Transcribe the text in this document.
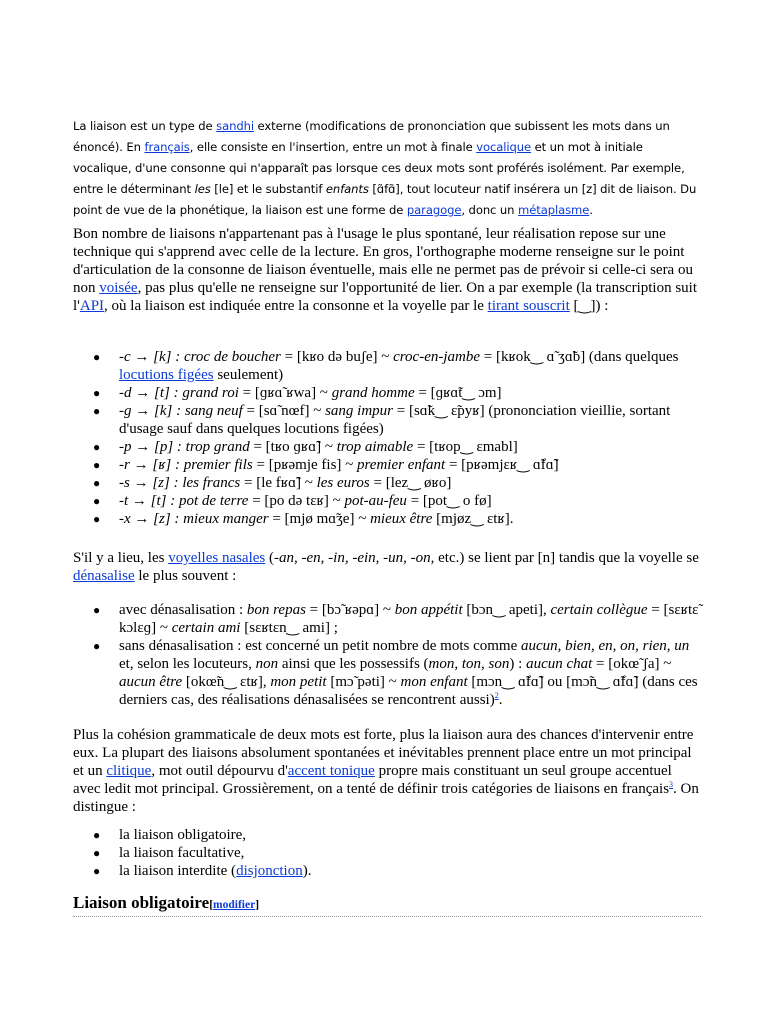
La liaison est un type de sandhi externe (modifications de prononciation que subissent les mots dans un énoncé). En français, elle consiste en l'insertion, entre un mot à finale vocalique et un mot à initiale vocalique, d'une consonne qui n'apparaît pas lorsque ces deux mots sont proférés isolément. Par exemple, entre le déterminant les [le] et le substantif enfants [ɑ̃fɑ̃], tout locuteur natif insérera un [z] dit de liaison. Du point de vue de la phonétique, la liaison est une forme de paragoge, donc un métaplasme.

Bon nombre de liaisons n'appartenant pas à l'usage le plus spontané, leur réalisation repose sur une technique qui s'apprend avec celle de la lecture. En gros, l'orthographe moderne renseigne sur le point d'articulation de la consonne de liaison éventuelle, mais elle ne permet pas de prévoir si celle-ci sera ou non voisée, pas plus qu'elle ne renseigne sur l'opportunité de lier. On a par exemple (la transcription suit l'API, où la liaison est indiquée entre la consonne et la voyelle par le tirant souscrit [‿]) :

● -c → [k] : croc de boucher = [kʁo də buʃe] ~ croc-en-jambe = [kʁok‿ ɑ̃ ʒɑ̃b] (dans quelques locutions figées seulement)
● -d → [t] : grand roi = [ɡʁɑ̃ ʁwa] ~ grand homme = [ɡʁɑ̃t‿ ɔm]
● -g → [k] : sang neuf = [sɑ̃ nœf] ~ sang impur = [sɑ̃k‿ ɛ̃pyʁ] (prononciation vieillie, sortant d'usage sauf dans quelques locutions figées)
● -p → [p] : trop grand = [tʁo ɡʁɑ̃] ~ trop aimable = [tʁop‿ ɛmabl]
● -r → [ʁ] : premier fils = [pʁəmje fis] ~ premier enfant = [pʁəmjɛʁ‿ ɑ̃fɑ̃]
● -s → [z] : les francs = [le fʁɑ̃] ~ les euros = [lez‿ øʁo]
● -t → [t] : pot de terre = [po də tɛʁ] ~ pot-au-feu = [pot‿ o fø]
● -x → [z] : mieux manger = [mjø mɑ̃ʒe] ~ mieux être [mjøz‿ ɛtʁ].

S'il y a lieu, les voyelles nasales (-an, -en, -in, -ein, -un, -on, etc.) se lient par [n] tandis que la voyelle se dénasalise le plus souvent :

● avec dénasalisation : bon repas = [bɔ̃ ʁəpɑ] ~ bon appétit [bɔn‿ apeti], certain collègue = [sɛʁtɛ̃ kɔlɛɡ] ~ certain ami [sɛʁtɛn‿ ami] ;
● sans dénasalisation : est concerné un petit nombre de mots comme aucun, bien, en, on, rien, un et, selon les locuteurs, non ainsi que les possessifs (mon, ton, son) : aucun chat = [okœ̃ ʃa] ~ aucun être [okœ̃n‿ ɛtʁ], mon petit [mɔ̃ pəti] ~ mon enfant [mɔn‿ ɑ̃fɑ̃] ou [mɔ̃n‿ ɑ̃fɑ̃] (dans ces derniers cas, des réalisations dénasalisées se rencontrent aussi)$^2$.

Plus la cohésion grammaticale de deux mots est forte, plus la liaison aura des chances d'intervenir entre eux. La plupart des liaisons absolument spontanées et inévitables prennent place entre un mot principal et un clitique, mot outil dépourvu d'accent tonique propre mais constituant un seul groupe accentuel avec ledit mot principal. Grossièrement, on a tenté de définir trois catégories de liaisons en français$^3$. On distingue :

● la liaison obligatoire,
● la liaison facultative,
● la liaison interdite (disjonction).
Liaison obligatoire[modifier]
